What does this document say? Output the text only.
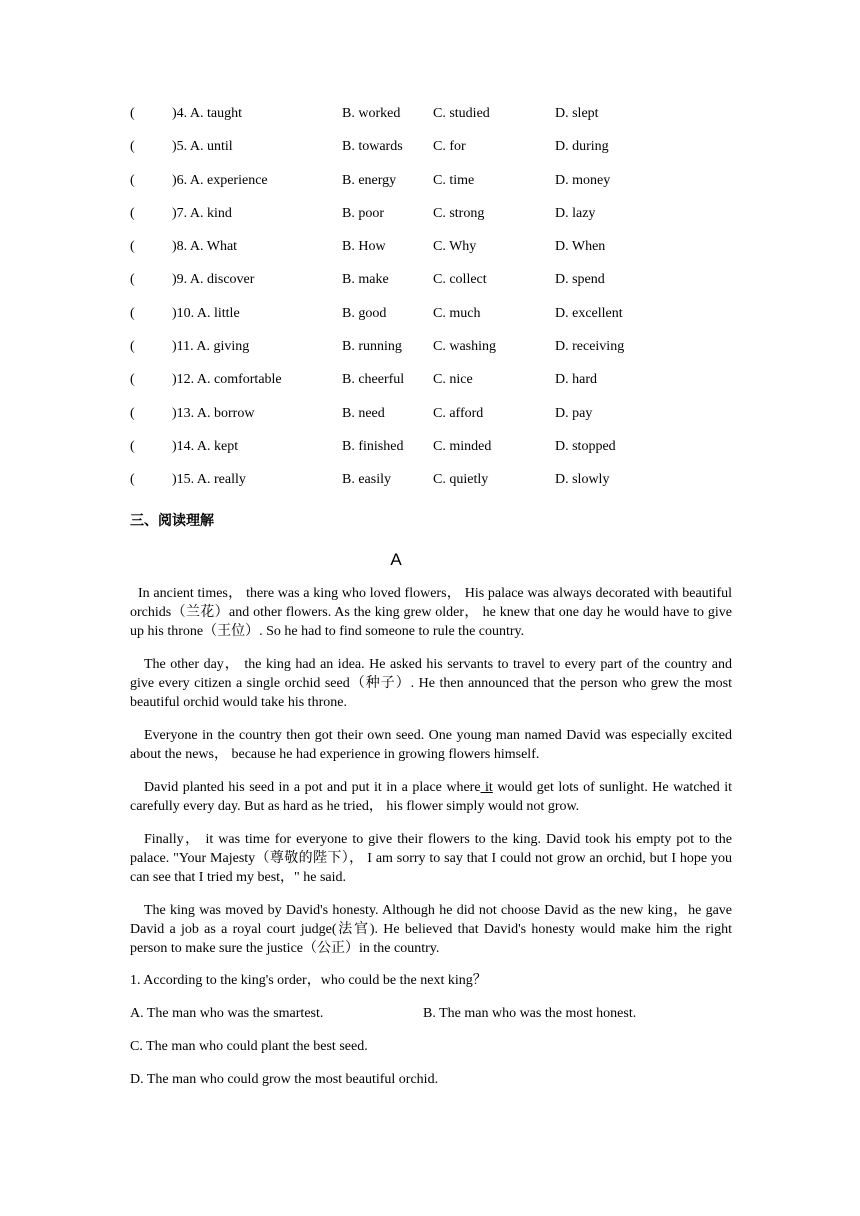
(	)4. A. taught	B. worked C. studied	D. slept
(	)5. A. until	B. towards C. for	D. during
(	)6. A. experience	B. energy	C. time	D. money
(	)7. A. kind	B. poor	C. strong	D. lazy
(	)8. A. What	B. How	C. Why	D. When
(	)9. A. discover	B. make	C. collect	D. spend
(	)10. A. little	B. good	C. much	D. excellent
(	)11. A. giving	B. running C. washing	D. receiving
(	)12. A. comfortable	B. cheerful C. nice	D. hard
(	)13. A. borrow	B. need	C. afford	D. pay
(	)14. A. kept	B. finished C. minded	D. stopped
(	)15. A. really	B. easily	C. quietly	D. slowly
三、阅读理解
A

In ancient times， there was a king who loved flowers， His palace was always decorated with beautiful orchids（兰花）and other flowers. As the king grew older， he knew that one day he would have to give up his throne（王位）. So he had to find someone to rule the country.

The other day， the king had an idea. He asked his servants to travel to every part of the country and give every citizen a single orchid seed（种子）. He then announced that the person who grew the most beautiful orchid would take his throne.

Everyone in the country then got their own seed. One young man named David was especially excited about the news， because he had experience in growing flowers himself.

David planted his seed in a pot and put it in a place where it would get lots of sunlight. He watched it carefully every day. But as hard as he tried， his flower simply would not grow.

Finally， it was time for everyone to give their flowers to the king. David took his empty pot to the palace. "Your Majesty（尊敬的陛下）， I am sorry to say that I could not grow an orchid, but I hope you can see that I tried my best，" he said.

The king was moved by David's honesty. Although he did not choose David as the new king，he gave David a job as a royal court judge(法官). He believed that David's honesty would make him the right person to make sure the justice（公正）in the country.

1. According to the king's order，who could be the next king？
A. The man who was the smartest.	B. The man who was the most honest.
C. The man who could plant the best seed.
D. The man who could grow the most beautiful orchid.
